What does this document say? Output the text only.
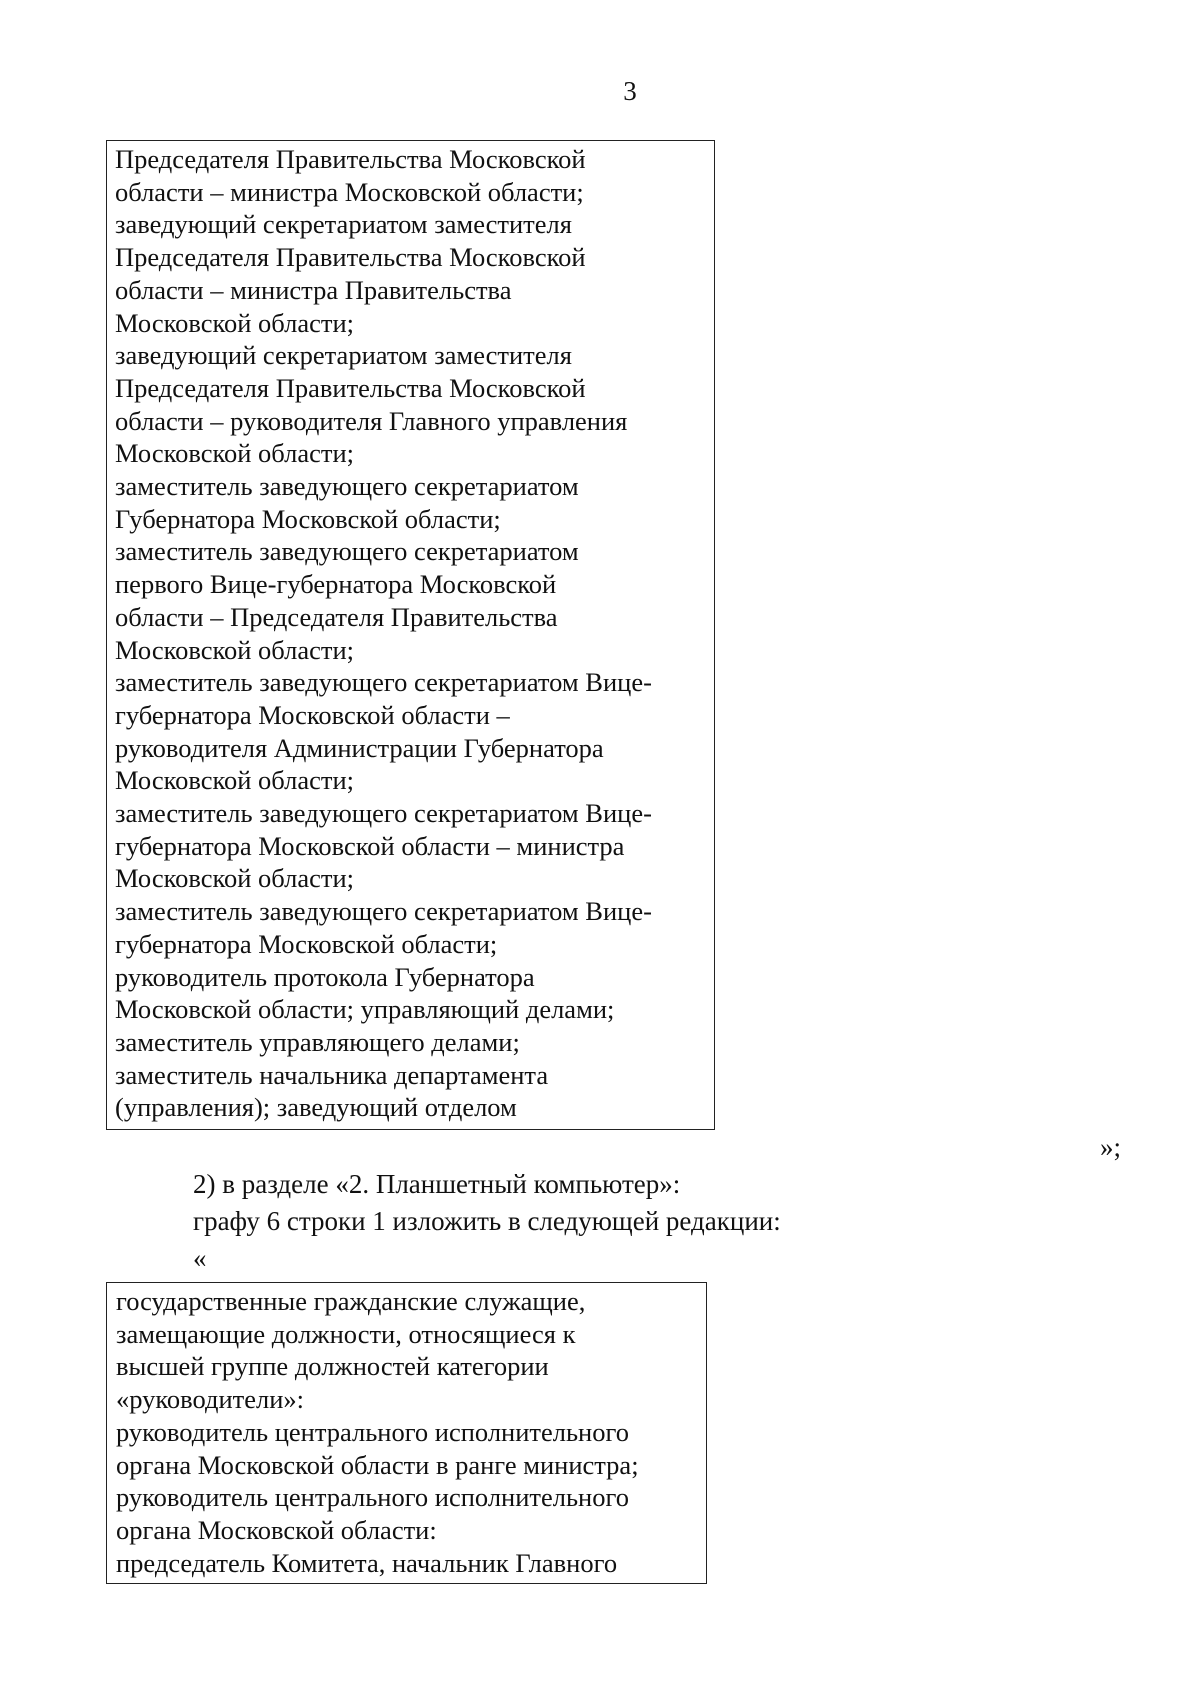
3
Председателя Правительства Московской
области – министра Московской области;
заведующий секретариатом заместителя
Председателя Правительства Московской
области – министра Правительства
Московской области;
заведующий секретариатом заместителя
Председателя Правительства Московской
области – руководителя Главного управления
Московской области;
заместитель заведующего секретариатом
Губернатора Московской области;
заместитель заведующего секретариатом
первого Вице-губернатора Московской
области – Председателя Правительства
Московской области;
заместитель заведующего секретариатом Вице-
губернатора Московской области –
руководителя Администрации Губернатора
Московской области;
заместитель заведующего секретариатом Вице-
губернатора Московской области – министра
Московской области;
заместитель заведующего секретариатом Вице-
губернатора Московской области;
руководитель протокола Губернатора
Московской области; управляющий делами;
заместитель управляющего делами;
заместитель начальника департамента
(управления); заведующий отделом
»;
2) в разделе «2. Планшетный компьютер»:
графу 6 строки 1 изложить в следующей редакции:
«
государственные гражданские служащие,
замещающие должности, относящиеся к
высшей группе должностей категории
«руководители»:
руководитель центрального исполнительного
органа Московской области в ранге министра;
руководитель центрального исполнительного
органа Московской области:
председатель Комитета, начальник Главного
